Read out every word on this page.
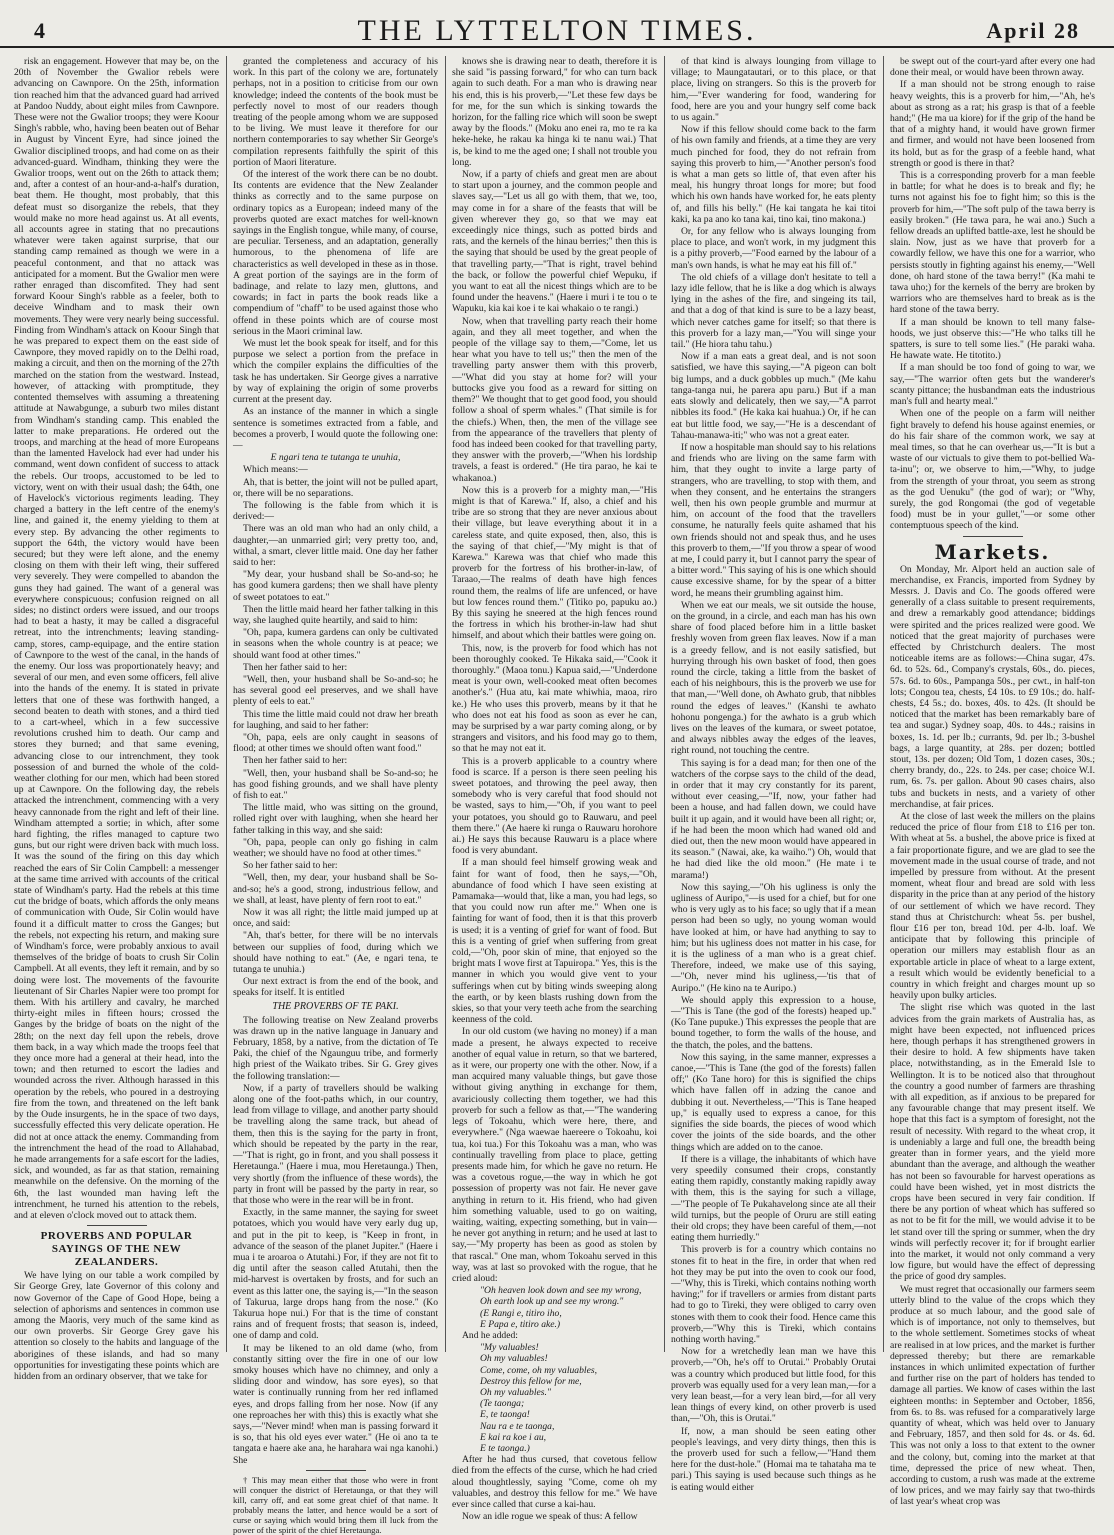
4	THE LYTTELTON TIMES.	April 28

risk an engagement. However that may be, on the 20th of November the Gwalior rebels were advancing on Cawnpore. On the 25th, information tion reached him that the advanced guard had arrived at Pandoo Nuddy, about eight miles from Cawnpore. These were not the Gwalior troops; they were Koour Singh's rabble, who, having been beaten out of Behar in August by Vincent Eyre, had since joined the Gwalior disciplined troops, and had come on as their advanced-guard. Windham, thinking they were the Gwalior troops, went out on the 26th to attack them; and, after a contest of an hour-and-a-half's duration, beat them. He thought, most probably, that this defeat must so disorganize the rebels, that they would make no more head against us. At all events, all accounts agree in stating that no precautions whatever were taken against surprise, that our standing camp remained as though we were in a peaceful contonment, and that no attack was anticipated for a moment. But the Gwalior men were rather enraged than discomfited. They had sent forward Koour Singh's rabble as a feeler, both to deceive Windham and to mask their own movements. They were very nearly being successful. Finding from Windham's attack on Koour Singh that he was prepared to expect them on the east side of Cawnpore, they moved rapidly on to the Delhi road, making a circuit, and then on the morning of the 27th marched on the station from the westward. Instead, however, of attacking with promptitude, they contented themselves with assuming a threatening attitude at Nawabgunge, a suburb two miles distant from Windham's standing camp. This enabled the latter to make preparations. He ordered out the troops, and marching at the head of more Europeans than the lamented Havelock had ever had under his command, went down confident of success to attack the rebels. Our troops, accustomed to be led to victory, went on with their usual dash; the 64th, one of Havelock's victorious regiments leading. They charged a battery in the left centre of the enemy's line, and gained it, the enemy yielding to them at every step. By advancing the other regiments to support the 64th, the victory would have been secured; but they were left alone, and the enemy closing on them with their left wing, their suffered very severely. They were compelled to abandon the guns they had gained. The want of a general was everywhere conspicuous; confusion reigned on all sides; no distinct orders were issued, and our troops had to beat a hasty, it may be called a disgraceful retreat, into the intrenchments; leaving standing-camp, stores, camp-equipage, and the entire station of Cawnpore to the west of the canal, in the hands of the enemy. Our loss was proportionately heavy; and several of our men, and even some officers, fell alive into the hands of the enemy. It is stated in private letters that one of these was forthwith hanged, a second beaten to death with stones, and a third tied to a cart-wheel, which in a few successive revolutions crushed him to death. Our camp and stores they burned; and that same evening, advancing close to our intrenchment, they took possession of and burned the whole of the cold-weather clothing for our men, which had been stored up at Cawnpore. On the following day, the rebels attacked the intrenchment, commencing with a very heavy cannonade from the right and left of their line. Windham attempted a sortie; in which, after some hard fighting, the rifles managed to capture two guns, but our right were driven back with much loss. It was the sound of the firing on this day which reached the ears of Sir Colin Campbell: a messenger at the same time arrived with accounts of the critical state of Windham's party. Had the rebels at this time cut the bridge of boats, which affords the only means of communication with Oude, Sir Colin would have found it a difficult matter to cross the Ganges; but the rebels, not expecting his return, and making sure of Windham's force, were probably anxious to avail themselves of the bridge of boats to crush Sir Colin Campbell. At all events, they left it remain, and by so doing were lost. The movements of the favourite lieutenant of Sir Charles Napier were too prompt for them. With his artillery and cavalry, he marched thirty-eight miles in fifteen hours; crossed the Ganges by the bridge of boats on the night of the 28th; on the next day fell upon the rebels, drove them back, in a way which made the troops feel that they once more had a general at their head, into the town; and then returned to escort the ladies and wounded across the river. Although harassed in this operation by the rebels, who poured in a destroying fire from the town, and threatened on the left bank by the Oude insurgents, he in the space of two days, successfully effected this very delicate operation. He did not at once attack the enemy. Commanding from the intrenchment the head of the road to Allahabad, he made arrangements for a safe escort for the ladies, sick, and wounded, as far as that station, remaining meanwhile on the defensive. On the morning of the 6th, the last wounded man having left the intrenchment, he turned his attention to the rebels, and at eleven o'clock moved out to attack them.

PROVERBS AND POPULAR SAYINGS OF THE NEW ZEALANDERS.

We have lying on our table a work compiled by Sir George Grey, late Governor of this colony and now Governor of the Cape of Good Hope, being a selection of aphorisms and sentences in common use among the Maoris, very much of the same kind as our own proverbs. Sir George Grey gave his attention so closely to the habits and language of the aborigines of these islands, and had so many opportunities for investigating these points which are hidden from an ordinary observer, that we take for

granted the completeness and accuracy of his work. In this part of the colony we are, fortunately perhaps, not in a position to criticise from our own knowledge; indeed the contents of the book must be perfectly novel to most of our readers though treating of the people among whom we are supposed to be living. We must leave it therefore for our northern contemporaries to say whether Sir George's compilation represents faithfully the spirit of this portion of Maori literature.

Of the interest of the work there can be no doubt. Its contents are evidence that the New Zealander thinks as correctly and to the same purpose on ordinary topics as a European; indeed many of the proverbs quoted are exact matches for well-known sayings in the English tongue, while many, of course, are peculiar. Terseness, and an adaptation, generally humorous, to the phenomena of life are characteristics as well developed in these as in those. A great portion of the sayings are in the form of badinage, and relate to lazy men, gluttons, and cowards; in fact in parts the book reads like a compendium of "chaff" to be used against those who offend in these points which are of course most serious in the Maori criminal law.

We must let the book speak for itself, and for this purpose we select a portion from the preface in which the compiler explains the difficulties of the task he has undertaken. Sir George gives a narrative by way of explaining the origin of some proverbs current at the present day.

As an instance of the manner in which a single sentence is sometimes extracted from a fable, and becomes a proverb, I would quote the following one:—

E ngari tena te tutanga te unuhia,

Which means:—

Ah, that is better, the joint will not be pulled apart, or, there will be no separations.

The following is the fable from which it is derived:—

There was an old man who had an only child, a daughter,—an unmarried girl; very pretty too, and, withal, a smart, clever little maid. One day her father said to her:

"My dear, your husband shall be So-and-so; he has good kumera gardens; then we shall have plenty of sweet potatoes to eat."

Then the little maid heard her father talking in this way, she laughed quite heartily, and said to him:

"Oh, papa, kumera gardens can only be cultivated in seasons when the whole country is at peace; we should want food at other times."

Then her father said to her:

"Well, then, your husband shall be So-and-so; he has several good eel preserves, and we shall have plenty of eels to eat."

This time the little maid could not draw her breath for laughing, and said to her father:

"Oh, papa, eels are only caught in seasons of flood; at other times we should often want food."

Then her father said to her:

"Well, then, your husband shall be So-and-so; he has good fishing grounds, and we shall have plenty of fish to eat."

The little maid, who was sitting on the ground, rolled right over with laughing, when she heard her father talking in this way, and she said:

"Oh, papa, people can only go fishing in calm weather; we should have no food at other times."

So her father said to her:

"Well, then, my dear, your husband shall be So-and-so; he's a good, strong, industrious fellow, and we shall, at least, have plenty of fern root to eat."

Now it was all right; the little maid jumped up at once, and said:

"Ah, that's better, for there will be no intervals between our supplies of food, during which we should have nothing to eat." (Ae, e ngari tena, te tutanga te unuhia.)

Our next extract is from the end of the book, and speaks for itself. It is entitled

THE PROVERBS OF TE PAKI.

The following treatise on New Zealand proverbs was drawn up in the native language in January and February, 1858, by a native, from the dictation of Te Paki, the chief of the Ngaunguu tribe, and formerly high priest of the Waikato tribes. Sir G. Grey gives the following translation:—

Now, if a party of travellers should be walking along one of the foot-paths which, in our country, lead from village to village, and another party should be travelling along the same track, but ahead of them, then this is the saying for the party in front, which should be repeated by the party in the rear,—"That is right, go in front, and you shall possess it Heretaunga." (Haere i mua, mou Heretaunga.) Then, very shortly (from the influence of these words), the party in front will be passed by the party in rear, so that those who were in the rear will be in front.

Exactly, in the same manner, the saying for sweet potatoes, which you would have very early dug up, and put in the pit to keep, is "Keep in front, in advance of the season of the planet Jupiter." (Haere i mua i te aroaroa o Atutahi.) For, if they are not fit to dig until after the season called Atutahi, then the mid-harvest is overtaken by frosts, and for such an event as this latter one, the saying is,—"In the season of Takurua, large drops hang from the nose." (Ko Takurua hope nui.) For that is the time of constant rains and of frequent frosts; that season is, indeed, one of damp and cold.

It may be likened to an old dame (who, from constantly sitting over the fire in one of our low smoky houses which have no chimney, and only a sliding door and window, has sore eyes), so that water is continually running from her red inflamed eyes, and drops falling from her nose. Now (if any one reproaches her with this) this is exactly what she says,—"Never mind! when man is passing forward it is so, that his old eyes ever water." (He oi ano ta te tangata e haere ake ana, he harahara wai nga kanohi.) She

† This may mean either that those who were in front will conquer the district of Heretaunga, or that they will kill, carry off, and eat some great chief of that name. It probably means the latter, and hence would be a sort of curse or saying which would bring them ill luck from the power of the spirit of the chief Heretaunga.

knows she is drawing near to death, therefore it is she said "is passing forward," for who can turn back again to such death. For a man who is drawing near his end, this is his proverb,—"Let these few days be for me, for the sun which is sinking towards the horizon, for the falling rice which will soon be swept away by the floods." (Moku ano enei ra, mo te ra ka heke-heke, he rakau ka hinga ki te nanu wai.) That is, be kind to me the aged one; I shall not trouble you long.

Now, if a party of chiefs and great men are about to start upon a journey, and the common people and slaves say,—"Let us all go with them, that we, too, may come in for a share of the feasts that will be given wherever they go, so that we may eat exceedingly nice things, such as potted birds and rats, and the kernels of the hinau berries;" then this is the saying that should be used by the great people of that travelling party,—"That is right, travel behind the back, or follow the powerful chief Wepuku, if you want to eat all the nicest things which are to be found under the heavens." (Haere i muri i te tou o te Wapuku, kia kai koe i te kai whakaio o te rangi.)

Now, when that travelling party reach their home again, and they all meet together, and when the people of the village say to them,—"Come, let us hear what you have to tell us;" then the men of the travelling party answer them with this proverb,—"What did you stay at home for? will your buttocks give you food as a reward for sitting on them?" We thought that to get good food, you should follow a shoal of sperm whales." (That simile is for the chiefs.) When, then, the men of the village see from the appearance of the travellers that plenty of food has indeed been cooked for that travelling party, they answer with the proverb,—"When his lordship travels, a feast is ordered." (He tira parao, he kai te whakanoa.)

Now this is a proverb for a mighty man,—"His might is that of Karewa." If, also, a chief and his tribe are so strong that they are never anxious about their village, but leave everything about it in a careless state, and quite exposed, then, also, this is the saying of that chief,—"My might is that of Karewa." Karewa was that chief who made this proverb for the fortress of his brother-in-law, of Taraao,—The realms of death have high fences round them, the realms of life are unfenced, or have but low fences round them." (Titiko po, papuku ao.) By this saying he sneered at the high fences round the fortress in which his brother-in-law had shut himself, and about which their battles were going on.

This, now, is the proverb for food which has not been thoroughly cooked. Te Hikaka said,—"Cook it thoroughly." (Maoa tonu.) Kapua said,—"Underdone meat is your own, well-cooked meat often becomes another's." (Hua atu, kai mate whiwhia, maoa, riro ke.) He who uses this proverb, means by it that he who does not eat his food as soon as ever he can, may be surprised by a war party coming along, or by strangers and visitors, and his food may go to them, so that he may not eat it.

This is a proverb applicable to a country where food is scarce. If a person is there seen peeling his sweet potatoes, and throwing the peel away, then somebody who is very careful that food should not be wasted, says to him,—"Oh, if you want to peel your potatoes, you should go to Rauwaru, and peel them there." (Ae haere ki runga o Rauwaru horohore ai.) He says this because Rauwaru is a place where food is very abundant.

If a man should feel himself growing weak and faint for want of food, then he says,—"Oh, abundance of food which I have seen existing at Pamamaka—would that, like a man, you had legs, so that you could now run after me." When one is fainting for want of food, then it is that this proverb is used; it is a venting of grief for want of food. But this is a venting of grief when suffering from great cold,—"Oh, poor skin of mine, that enjoyed so the bright mats I wove first at Tapuiropa." Yes, this is the manner in which you would give vent to your sufferings when cut by biting winds sweeping along the earth, or by keen blasts rushing down from the skies, so that your very teeth ache from the searching keenness of the cold.

In our old custom (we having no money) if a man made a present, he always expected to receive another of equal value in return, so that we bartered, as it were, our property one with the other. Now, if a man acquired many valuable things, but gave those without giving anything in exchange for them, avariciously collecting them together, we had this proverb for such a fellow as that,—"The wandering legs of Tokoahu, which were here, there, and everywhere." (Nga waewae haereere o Tokoahu, koi tua, koi tua.) For this Tokoahu was a man, who was continually travelling from place to place, getting presents made him, for which he gave no return. He was a covetous rogue,—the way in which he got possession of property was not fair. He never gave anything in return to it. His friend, who had given him something valuable, used to go on waiting, waiting, waiting, expecting something, but in vain—he never got anything in return; and he used at last to say,—"My property has been as good as stolen by that rascal." One man, whom Tokoahu served in this way, was at last so provoked with the rogue, that he cried aloud:

"Oh heaven look down and see my wrong,
Oh earth look up and see my wrong."
(E Rangi e, titiro iho,
E Papa e, titiro ake.)

And he added:

"My valuables!
Oh my valuables!
Come, come, oh my valuables,
Destroy this fellow for me,
Oh my valuables."
(Te taonga;
E, te taonga!
Nau ra e te taonga,
E kai ra koe i au,
E te taonga.)

After he had thus cursed, that covetous fellow died from the effects of the curse, which he had cried aloud thoughtlessly, saying "Come, come oh my valuables, and destroy this fellow for me." We have ever since called that curse a kai-hau.

Now an idle rogue we speak of thus: A fellow

of that kind is always lounging from village to village; to Maungatautari, or to this place, or that place, living on strangers. So this is the proverb for him,—"Ever wandering for food, wandering for food, here are you and your hungry self come back to us again."

Now if this fellow should come back to the farm of his own family and friends, at a time they are very much pinched for food, they do not refrain from saying this proverb to him,—"Another person's food is what a man gets so little of, that even after his meal, his hungry throat longs for more; but food which his own hands have worked for, he eats plenty of, and fills his belly." (He kai tangata he kai titoi kaki, ka pa ano ko tana kai, tino kai, tino makona.)

Or, for any fellow who is always lounging from place to place, and won't work, in my judgment this is a pithy proverb,—"Food earned by the labour of a man's own hands, is what he may eat his fill of."

The old chiefs of a village don't hesitate to tell a lazy idle fellow, that he is like a dog which is always lying in the ashes of the fire, and singeing its tail, and that a dog of that kind is sure to be a lazy beast, which never catches game for itself; so that there is this proverb for a lazy man,—"You will singe your tail." (He hiora tahu tahu.)

Now if a man eats a great deal, and is not soon satisfied, we have this saying,—"A pigeon can bolt big lumps, and a duck gobbles up much." (Me kahu tanga-tanga nui, he parera apu paru.) But if a man eats slowly and delicately, then we say,—"A parrot nibbles its food." (He kaka kai huahua.) Or, if he can eat but little food, we say,—"He is a descendant of Tahau-manawa-iti;" who was not a great eater.

If now a hospitable man should say to his relations and friends who are living on the same farm with him, that they ought to invite a large party of strangers, who are travelling, to stop with them, and when they consent, and he entertains the strangers well, then his own people grumble and murmur at him, on account of the food that the travellers consume, he naturally feels quite ashamed that his own friends should not and speak thus, and he uses this proverb to them,—"If you throw a spear of wood at me, I could parry it, but I cannot parry the spear of a bitter word." This saying of his is one which should cause excessive shame, for by the spear of a bitter word, he means their grumbling against him.

When we eat our meals, we sit outside the house, on the ground, in a circle, and each man has his own share of food placed before him in a little basket freshly woven from green flax leaves. Now if a man is a greedy fellow, and is not easily satisfied, but hurrying through his own basket of food, then goes round the circle, taking a little from the basket of each of his neighbours, this is the proverb we use for that man,—"Well done, oh Awhato grub, that nibbles round the edges of leaves." (Kanshi te awhato hohonu pongenga.) for the awhato is a grub which lives on the leaves of the kumara, or sweet potatoe, and always nibbles away the edges of the leaves, right round, not touching the centre.

This saying is for a dead man; for then one of the watchers of the corpse says to the child of the dead, in order that it may cry constantly for its parent, without ever ceasing,—"If, now, your father had been a house, and had fallen down, we could have built it up again, and it would have been all right; or, if he had been the moon which had waned old and died out, then the new moon would have appeared in its season." (Nawai, ake, ka waiho.") Oh, would that he had died like the old moon." (He mate i te marama!)

Now this saying,—"Oh his ugliness is only the ugliness of Auripo,"—is used for a chief, but for one who is very ugly as to his face; so ugly that if a mean person had been so ugly, no young woman would have looked at him, or have had anything to say to him; but his ugliness does not matter in his case, for it is the ugliness of a man who is a great chief. Therefore, indeed, we make use of this saying,—"Oh, never mind his ugliness,—'tis that of Auripo." (He kino na te Auripo.)

We should apply this expression to a house,—"This is Tane (the god of the forests) heaped up." (Ko Tane pupuke.) This expresses the people that are bound together, to form the walls of the house, and the thatch, the poles, and the battens.

Now this saying, in the same manner, expresses a canoe,—"This is Tane (the god of the forests) fallen off;" (Ko Tane horo) for this is signified the chips which have fallen off in adzing the canoe and dubbing it out. Nevertheless,—"This is Tane heaped up," is equally used to express a canoe, for this signifies the side boards, the pieces of wood which cover the joints of the side boards, and the other things which are added on to the canoe.

If there is a village, the inhabitants of which have very speedily consumed their crops, constantly eating them rapidly, constantly making rapidly away with them, this is the saying for such a village,—"The people of Te Pukahavelong since ate all their wild turnips, but the people of Oruru are still eating their old crops; they have been careful of them,—not eating them hurriedly."

This proverb is for a country which contains no stones fit to heat in the fire, in order that when red hot they may be put into the oven to cook our food,—"Why, this is Tireki, which contains nothing worth having;" for if travellers or armies from distant parts had to go to Tireki, they were obliged to carry oven stones with them to cook their food. Hence came this proverb,—"Why this is Tireki, which contains nothing worth having."

Now for a wretchedly lean man we have this proverb,—"Oh, he's off to Orutai." Probably Orutai was a country which produced but little food, for this proverb was equally used for a very lean man,—for a very lean beast,—for a very lean bird,—for all very lean things of every kind, on other proverb is used than,—"Oh, this is Orutai."

If, now, a man should be seen eating other people's leavings, and very dirty things, then this is the proverb used for such a fellow,—"Hand them here for the dust-hole." (Homai ma te tahataha ma te pari.) This saying is used because such things as he is eating would either

be swept out of the court-yard after every one had done their meal, or would have been thrown away.

If a man should not be strong enough to raise heavy weights, this is a proverb for him,—"Ah, he's about as strong as a rat; his grasp is that of a feeble hand;" (He ma ua kiore) for if the grip of the hand be that of a mighty hand, it would have grown firmer and firmer, and would not have been loosened from its hold, but as for the grasp of a feeble hand, what strength or good is there in that?

This is a corresponding proverb for a man feeble in battle; for what he does is to break and fly; he turns not against his foe to fight him; so this is the proverb for him,—"The soft pulp of the tawa berry is easily broken." (He tawa para, he wai ano.) Such a fellow dreads an uplifted battle-axe, lest he should be slain. Now, just as we have that proverb for a cowardly fellow, we have this one for a warrior, who persists stoutly in fighting against his enemy,—"Well done, oh hard stone of the tawa berry!" (Ka mahi te tawa uho;) for the kernels of the berry are broken by warriors who are themselves hard to break as is the hard stone of the tawa berry.

If a man should be known to tell many false-hoods, we just observe this:—"He who talks till he spatters, is sure to tell some lies." (He paraki waha. He hawate wate. He titotito.)

If a man should be too fond of going to war, we say,—"The warrior often gets but the wanderer's scanty pittance; the husbandman eats the industrious man's full and hearty meal."

When one of the people on a farm will neither fight bravely to defend his house against enemies, or do his fair share of the common work, we say at meal times, so that he can overhear us,—"It is but a waste of our victuals to give them to pot-bellied Wa-ta-inu"; or, we observe to him,—"Why, to judge from the strength of your throat, you seem as strong as the god Uenuku" (the god of war); or "Why, surely, the god Rongomai (the god of vegetable food) must be in your gullet,"—or some other contemptuous speech of the kind.

Markets.

On Monday, Mr. Alport held an auction sale of merchandise, ex Francis, imported from Sydney by Messrs. J. Davis and Co. The goods offered were generally of a class suitable to present requirements, and drew a remarkably good attendance; biddings were spirited and the prices realized were good. We noticed that the great majority of purchases were effected by Christchurch dealers. The most noticeable items are as follows:—China sugar, 47s. 6d. to 52s. 6d., Company's crystals, 60s., do. pieces, 57s. 6d. to 60s., Pampanga 50s., per cwt., in half-ton lots; Congou tea, chests, £4 10s. to £9 10s.; do. half-chests, £4 5s.; do. boxes, 40s. to 42s. (It should be noticed that the market has been remarkably bare of tea and sugar.) Sydney soap, 40s. to 44s.; raisins in boxes, 1s. 1d. per lb.; currants, 9d. per lb.; 3-bushel bags, a large quantity, at 28s. per dozen; bottled stout, 13s. per dozen; Old Tom, 1 dozen cases, 30s.; cherry brandy, do., 22s. to 24s. per case; choice W.I. rum, 6s. 7s. per gallon. About 90 cases chairs, also tubs and buckets in nests, and a variety of other merchandise, at fair prices.

At the close of last week the millers on the plains reduced the price of flour from £18 to £16 per ton. With wheat at 5s. a bushel, the above price is fixed at a fair proportionate figure, and we are glad to see the movement made in the usual course of trade, and not impelled by pressure from without. At the present moment, wheat flour and bread are sold with less disparity in the price than at any period of the history of our settlement of which we have record. They stand thus at Christchurch: wheat 5s. per bushel, flour £16 per ton, bread 10d. per 4-lb. loaf. We anticipate that by following this principle of operation our millers may establish flour as an exportable article in place of wheat to a large extent, a result which would be evidently beneficial to a country in which freight and charges mount up so heavily upon bulky articles.

The slight rise which was quoted in the last advices from the grain markets of Australia has, as might have been expected, not influenced prices here, though perhaps it has strengthened growers in their desire to hold. A few shipments have taken place, notwithstanding, as in the Emerald Isle to Wellington. It is to be noticed also that throughout the country a good number of farmers are thrashing with all expedition, as if anxious to be prepared for any favourable change that may present itself. We hope that this fact is a symptom of foresight, not the result of necessity. With regard to the wheat crop, it is undeniably a large and full one, the breadth being greater than in former years, and the yield more abundant than the average, and although the weather has not been so favourable for harvest operations as could have been wished, yet in most districts the crops have been secured in very fair condition. If there be any portion of wheat which has suffered so as not to be fit for the mill, we would advise it to be let stand over till the spring or summer, when the dry winds will perfectly recover it; for if brought earlier into the market, it would not only command a very low figure, but would have the effect of depressing the price of good dry samples.

We must regret that occasionally our farmers seem utterly blind to the value of the crops which they produce at so much labour, and the good sale of which is of importance, not only to themselves, but to the whole settlement. Sometimes stocks of wheat are realised in at low prices, and the market is further depressed thereby; but there are remarkable instances in which unlimited expectation of further and further rise on the part of holders has tended to damage all parties. We know of cases within the last eighteen months: in September and October, 1856, from 6s. to 8s. was refused for a comparatively large quantity of wheat, which was held over to January and February, 1857, and then sold for 4s. or 4s. 6d. This was not only a loss to that extent to the owner and the colony, but, coming into the market at that time, depressed the price of new wheat. Then, according to custom, a rush was made at the extreme of low prices, and we may fairly say that two-thirds of last year's wheat crop was
